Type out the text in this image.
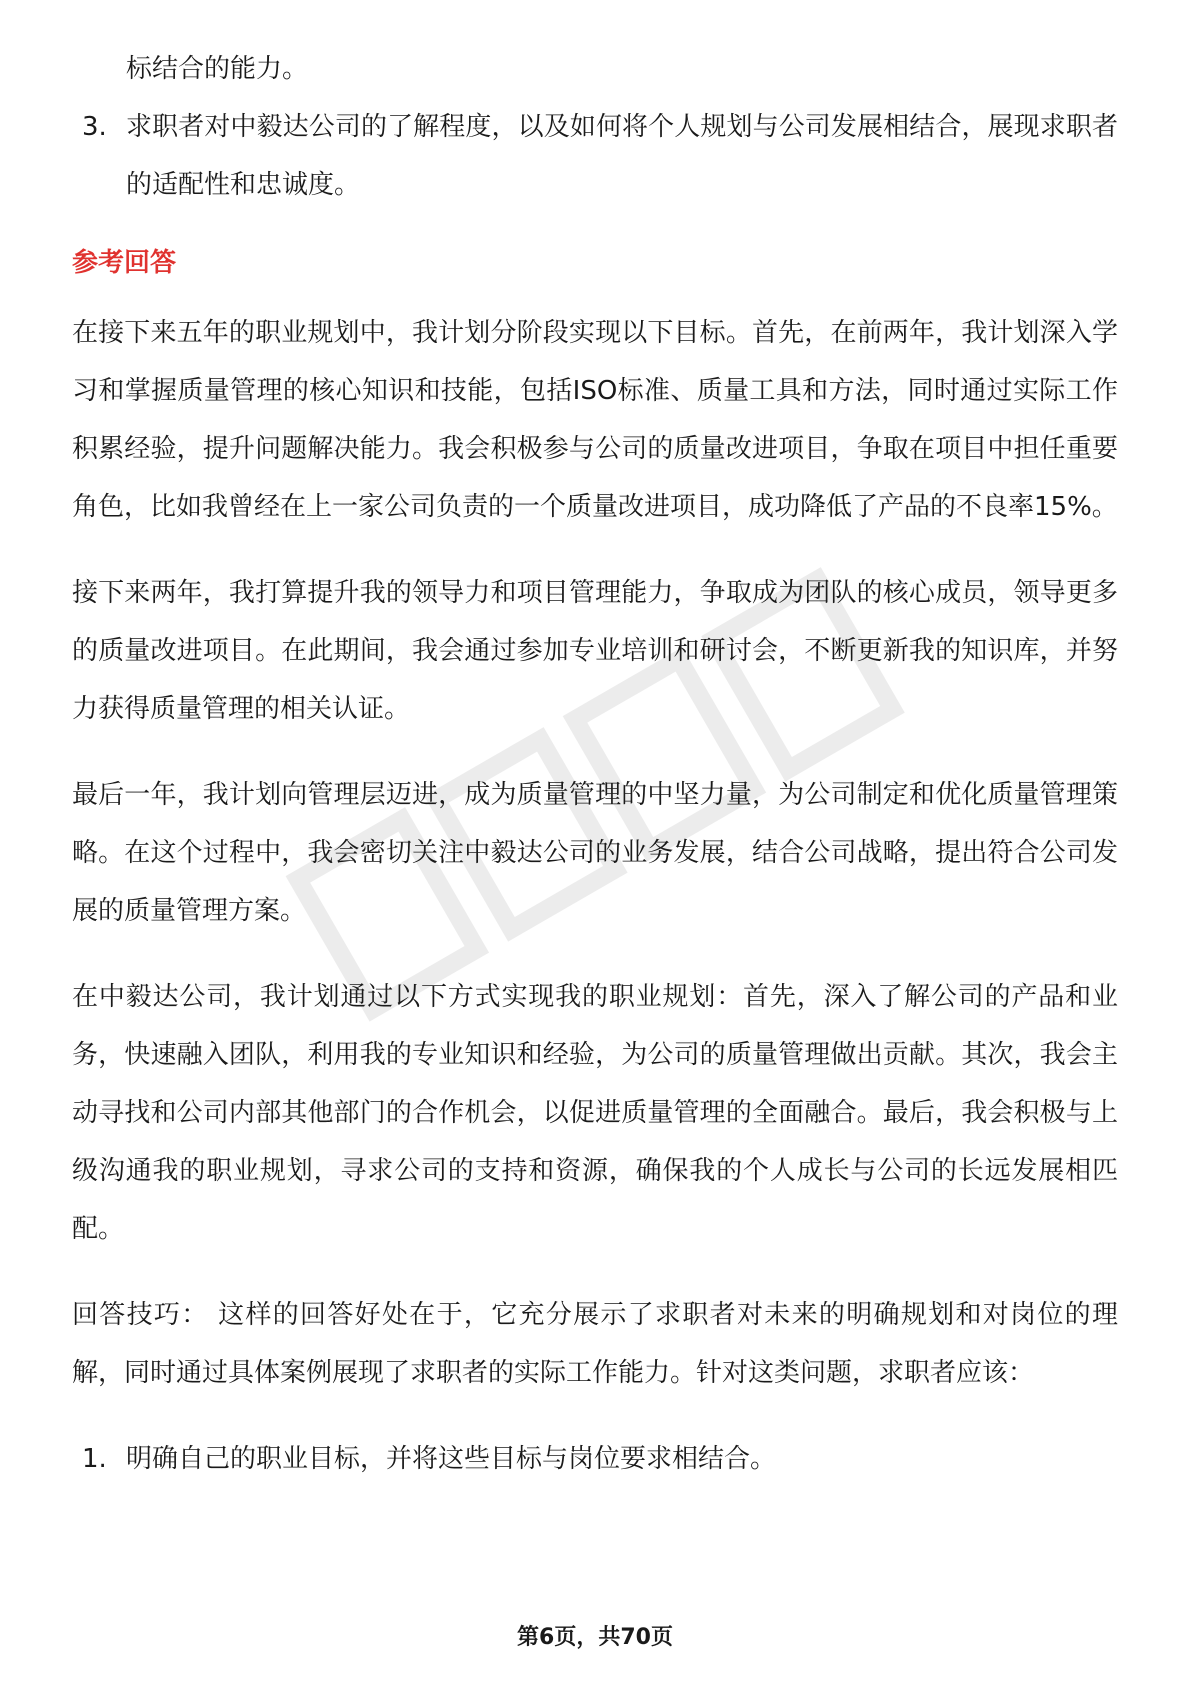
标结合的能力。

3. 求职者对中毅达公司的了解程度，以及如何将个人规划与公司发展相结合，展现求职者的适配性和忠诚度。
参考回答

在接下来五年的职业规划中，我计划分阶段实现以下目标。首先，在前两年，我计划深入学习和掌握质量管理的核心知识和技能，包括ISO标准、质量工具和方法，同时通过实际工作积累经验，提升问题解决能力。我会积极参与公司的质量改进项目，争取在项目中担任重要角色，比如我曾经在上一家公司负责的一个质量改进项目，成功降低了产品的不良率15%。

接下来两年，我打算提升我的领导力和项目管理能力，争取成为团队的核心成员，领导更多的质量改进项目。在此期间，我会通过参加专业培训和研讨会，不断更新我的知识库，并努力获得质量管理的相关认证。

最后一年，我计划向管理层迈进，成为质量管理的中坚力量，为公司制定和优化质量管理策略。在这个过程中，我会密切关注中毅达公司的业务发展，结合公司战略，提出符合公司发展的质量管理方案。

在中毅达公司，我计划通过以下方式实现我的职业规划：首先，深入了解公司的产品和业务，快速融入团队，利用我的专业知识和经验，为公司的质量管理做出贡献。其次，我会主动寻找和公司内部其他部门的合作机会，以促进质量管理的全面融合。最后，我会积极与上级沟通我的职业规划，寻求公司的支持和资源，确保我的个人成长与公司的长远发展相匹配。

回答技巧： 这样的回答好处在于，它充分展示了求职者对未来的明确规划和对岗位的理解，同时通过具体案例展现了求职者的实际工作能力。针对这类问题，求职者应该：

1. 明确自己的职业目标，并将这些目标与岗位要求相结合。
第6页，共70页
